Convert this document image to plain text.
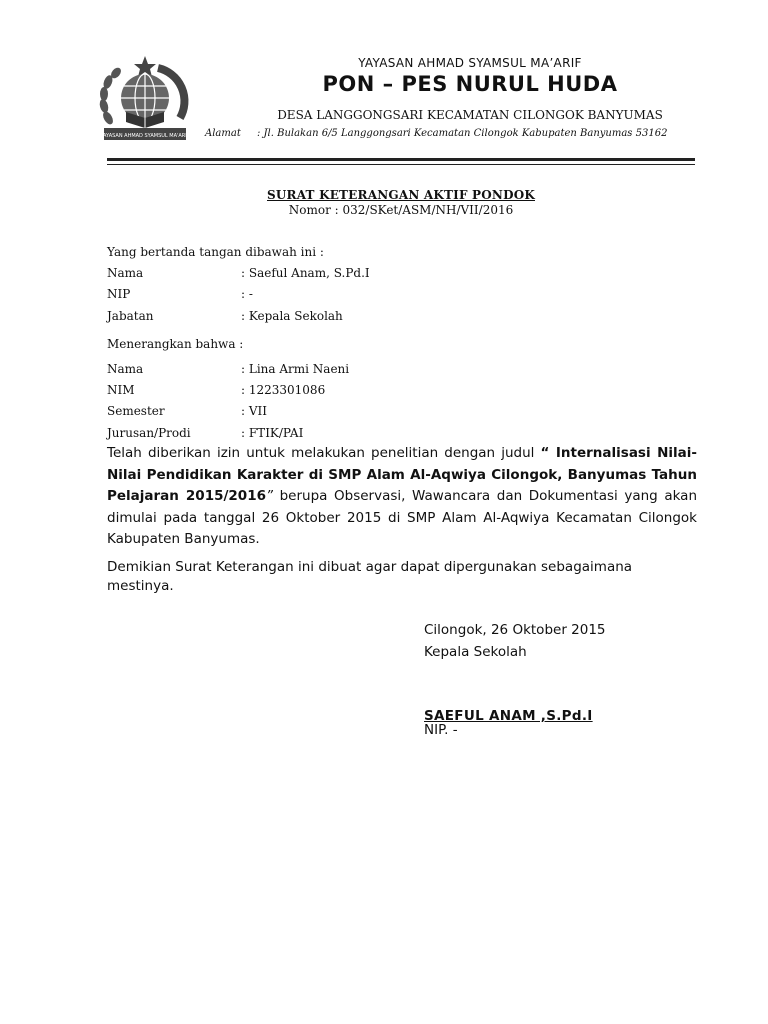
YAYASAN AHMAD SYAMSUL MA'ARIF
YAYASAN AHMAD SYAMSUL MA’ARIF
PON – PES NURUL HUDA
DESA LANGGONGSARI KECAMATAN CILONGOK BANYUMAS
Alamat : Jl. Bulakan 6/5 Langgongsari Kecamatan Cilongok Kabupaten Banyumas 53162
SURAT KETERANGAN AKTIF PONDOK
Nomor : 032/SKet/ASM/NH/VII/2016
Yang bertanda tangan dibawah ini :
Nama	: Saeful Anam, S.Pd.I
NIP	: -
Jabatan	: Kepala Sekolah
Menerangkan bahwa :
Nama	: Lina Armi Naeni
NIM	: 1223301086
Semester	: VII
Jurusan/Prodi	: FTIK/PAI
Telah diberikan izin untuk melakukan penelitian dengan judul “ Internalisasi Nilai-Nilai Pendidikan Karakter di SMP Alam Al-Aqwiya Cilongok, Banyumas Tahun Pelajaran 2015/2016” berupa Observasi, Wawancara dan Dokumentasi yang akan dimulai pada tanggal 26 Oktober 2015 di SMP Alam Al-Aqwiya Kecamatan Cilongok Kabupaten Banyumas.
Demikian Surat Keterangan ini dibuat agar dapat dipergunakan sebagaimana mestinya.
Cilongok, 26 Oktober 2015
Kepala Sekolah
SAEFUL ANAM ,S.Pd.I
NIP. -
